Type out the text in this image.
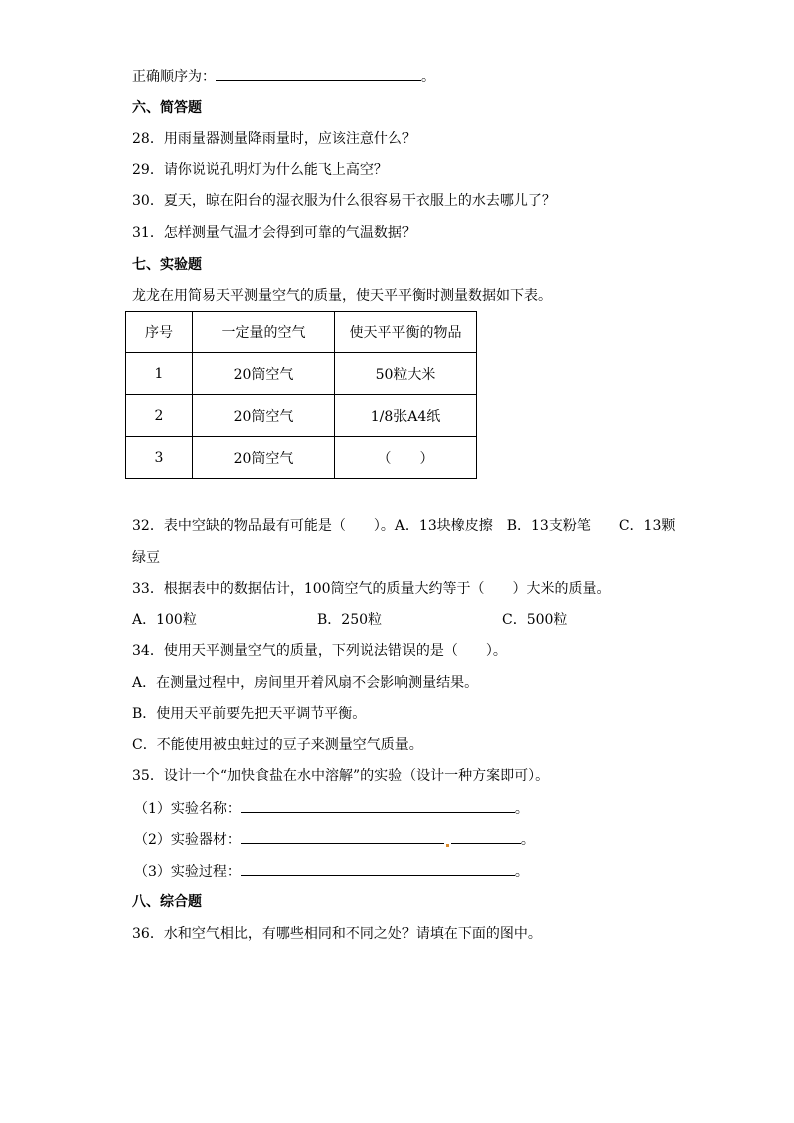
正确顺序为：	。
六、简答题
28．用雨量器测量降雨量时，应该注意什么？
29．请你说说孔明灯为什么能飞上高空？
30．夏天，晾在阳台的湿衣服为什么很容易干衣服上的水去哪儿了？
31．怎样测量气温才会得到可靠的气温数据？
七、实验题
龙龙在用简易天平测量空气的质量，使天平平衡时测量数据如下表。
序号	一定量的空气	使天平平衡的物品
1	20筒空气	50粒大米
2	20筒空气	1/8张A4纸
3	20筒空气	（　　）
32．表中空缺的物品最有可能是（　　）。A．13块橡皮擦　B．13支粉笔　　C．13颗
绿豆
33．根据表中的数据估计，100筒空气的质量大约等于（　　）大米的质量。
A．100粒	B．250粒	C．500粒
34．使用天平测量空气的质量，下列说法错误的是（　　）。
A．在测量过程中，房间里开着风扇不会影响测量结果。
B．使用天平前要先把天平调节平衡。
C．不能使用被虫蛀过的豆子来测量空气质量。
35．设计一个“加快食盐在水中溶解”的实验（设计一种方案即可）。
（1）实验名称：	。
（2）实验器材：	。
（3）实验过程：	。
八、综合题
36．水和空气相比，有哪些相同和不同之处？请填在下面的图中。
